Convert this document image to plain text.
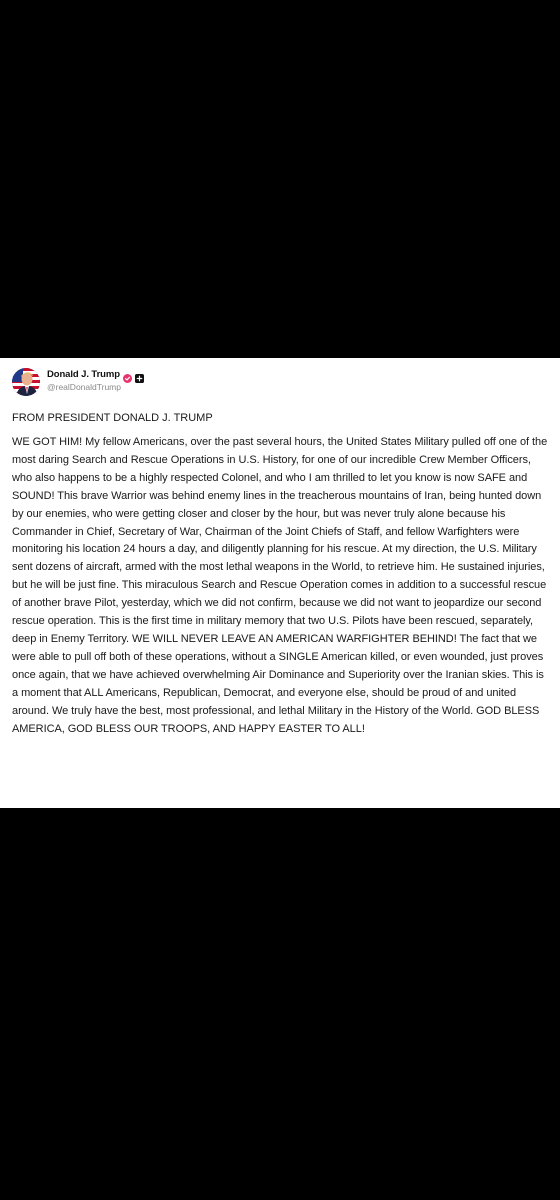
Donald J. Trump
@realDonaldTrump
FROM PRESIDENT DONALD J. TRUMP
WE GOT HIM! My fellow Americans, over the past several hours, the United States Military pulled off one of the most daring Search and Rescue Operations in U.S. History, for one of our incredible Crew Member Officers, who also happens to be a highly respected Colonel, and who I am thrilled to let you know is now SAFE and SOUND! This brave Warrior was behind enemy lines in the treacherous mountains of Iran, being hunted down by our enemies, who were getting closer and closer by the hour, but was never truly alone because his Commander in Chief, Secretary of War, Chairman of the Joint Chiefs of Staff, and fellow Warfighters were monitoring his location 24 hours a day, and diligently planning for his rescue. At my direction, the U.S. Military sent dozens of aircraft, armed with the most lethal weapons in the World, to retrieve him. He sustained injuries, but he will be just fine. This miraculous Search and Rescue Operation comes in addition to a successful rescue of another brave Pilot, yesterday, which we did not confirm, because we did not want to jeopardize our second rescue operation. This is the first time in military memory that two U.S. Pilots have been rescued, separately, deep in Enemy Territory. WE WILL NEVER LEAVE AN AMERICAN WARFIGHTER BEHIND! The fact that we were able to pull off both of these operations, without a SINGLE American killed, or even wounded, just proves once again, that we have achieved overwhelming Air Dominance and Superiority over the Iranian skies. This is a moment that ALL Americans, Republican, Democrat, and everyone else, should be proud of and united around. We truly have the best, most professional, and lethal Military in the History of the World. GOD BLESS AMERICA, GOD BLESS OUR TROOPS, AND HAPPY EASTER TO ALL!
